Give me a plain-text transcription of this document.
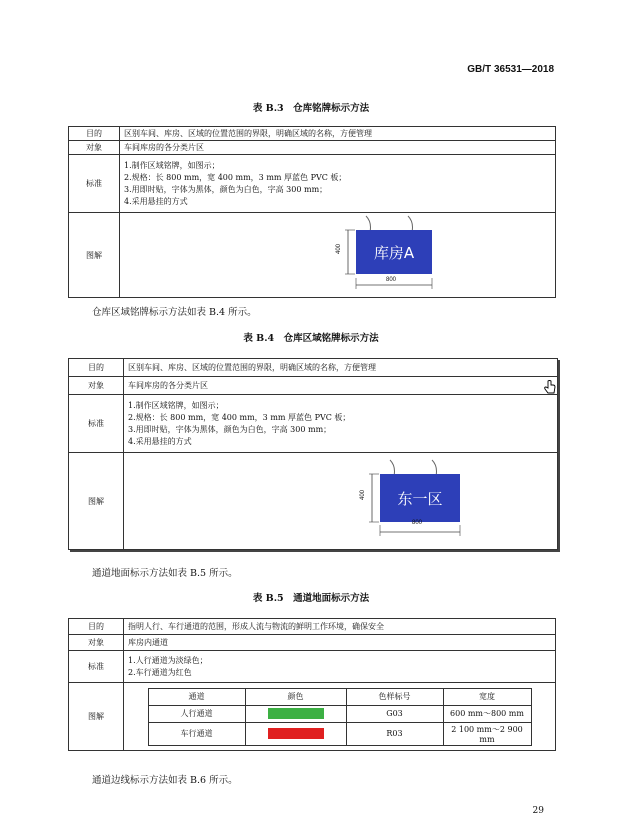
GB/T 36531—2018
表 B.3　仓库铭牌标示方法
目的	区别车间、库房、区域的位置范围的界限，明确区域的名称，方便管理
对象	车间库房的各分类片区
标准	1.制作区域铭牌，如图示；
2.规格：长 800 mm，宽 400 mm，3 mm 厚蓝色 PVC 板；
3.用即时贴，字体为黑体，颜色为白色，字高 300 mm；
4.采用悬挂的方式

图解	库房A
400
800
仓库区域铭牌标示方法如表 B.4 所示。
表 B.4　仓库区域铭牌标示方法
目的	区别车间、库房、区域的位置范围的界限，明确区域的名称，方便管理
对象	车间库房的各分类片区
标准	1.制作区域铭牌，如图示；
2.规格：长 800 mm，宽 400 mm，3 mm 厚蓝色 PVC 板；
3.用即时贴，字体为黑体，颜色为白色，字高 300 mm；
4.采用悬挂的方式

图解	东一区
400
800
通道地面标示方法如表 B.5 所示。
表 B.5　通道地面标示方法
目的	指明人行、车行通道的范围，形成人流与物流的鲜明工作环境，确保安全
对象	库房内通道
标准	
1.人行通道为淡绿色；
2.车行通道为红色

图解	
通道	颜色	色样标号	宽度
人行通道		G03	600 mm～800 mm
车行通道		R03	2 100 mm～2 900 mm
通道边线标示方法如表 B.6 所示。
29
